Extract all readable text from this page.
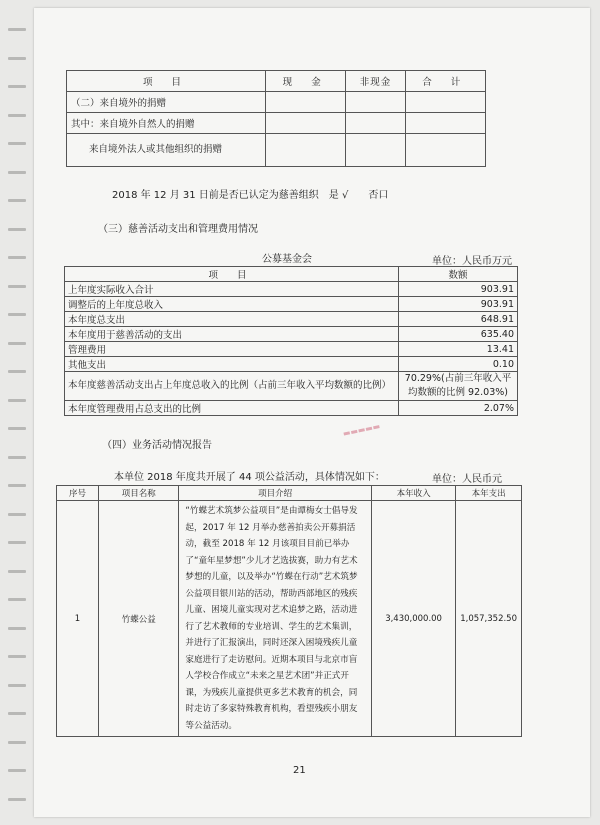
项 目	现 金	非现金	合 计
（二）来自境外的捐赠			
其中：来自境外自然人的捐赠			
来自境外法人或其他组织的捐赠			
2018 年 12 月 31 日前是否已认定为慈善组织　是 √　　否口
（三）慈善活动支出和管理费用情况
公募基金会	单位：人民币万元
项 目	数额
上年度实际收入合计	903.91
调整后的上年度总收入	903.91
本年度总支出	648.91
本年度用于慈善活动的支出	635.40
管理费用	13.41
其他支出	0.10
本年度慈善活动支出占上年度总收入的比例（占前三年收入平均数额的比例）	70.29%(占前三年收入平均数额的比例 92.03%)
本年度管理费用占总支出的比例	2.07%
▬▬▬▬▬
（四）业务活动情况报告
本单位 2018 年度共开展了 44 项公益活动，具体情况如下：	单位：人民币元
序号	项目名称	项目介绍	本年收入	本年支出
1	竹蝶公益	“竹蝶艺术筑梦公益项目”是由谭梅女士倡导发起，2017 年 12 月举办慈善拍卖公开募捐活动，截至 2018 年 12 月该项目目前已举办了“童年星梦想”少儿才艺选拔赛，助力有艺术梦想的儿童，以及举办“竹蝶在行动”艺术筑梦公益项目银川站的活动，帮助西部地区的残疾儿童、困境儿童实现对艺术追梦之路，活动进行了艺术教师的专业培训、学生的艺术集训，并进行了汇报演出，同时还深入困境残疾儿童家庭进行了走访慰问。近期本项目与北京市盲人学校合作成立“未来之星艺术团”并正式开课，为残疾儿童提供更多艺术教育的机会，同时走访了多家特殊教育机构，看望残疾小朋友等公益活动。	3,430,000.00	1,057,352.50
21
